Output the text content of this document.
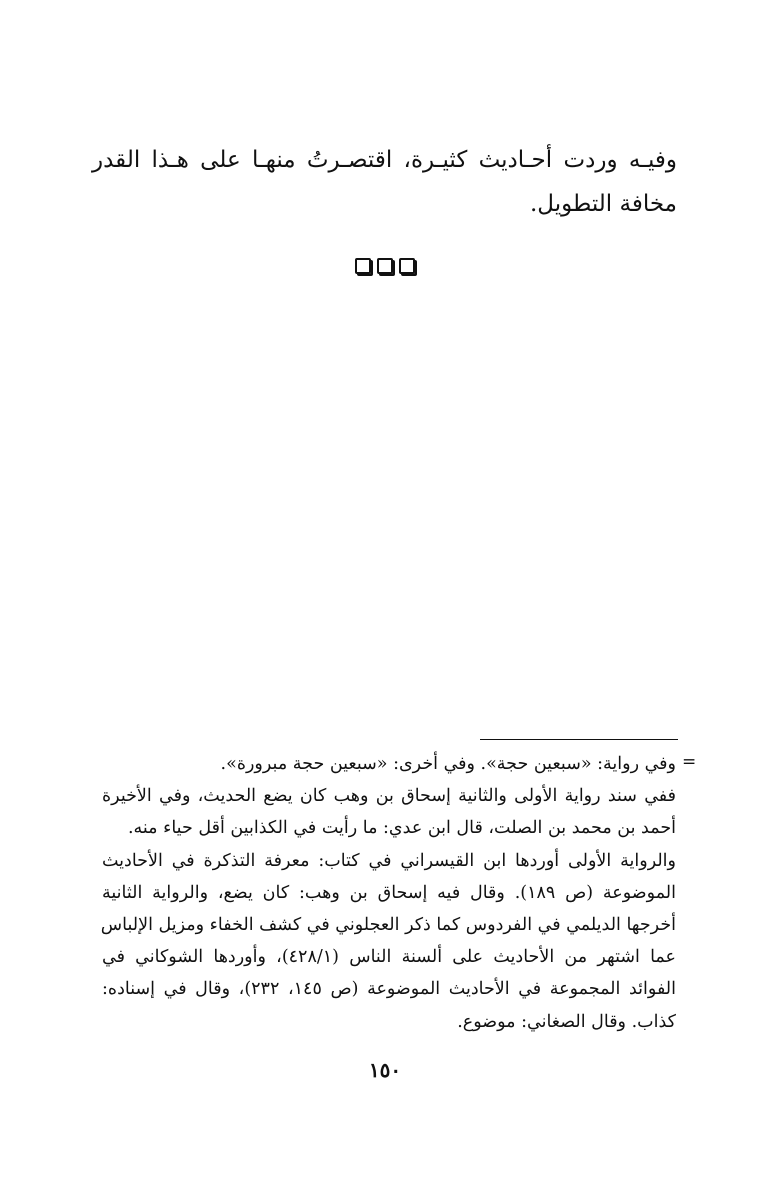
وفيـه وردت أحـاديث كثيـرة، اقتصـرتُ منهـا على هـذا القدر مخافة التطويل.
=
وفي رواية: «سبعين حجة». وفي أخرى: «سبعين حجة مبرورة».
ففي سند رواية الأولى والثانية إسحاق بن وهب كان يضع الحديث، وفي الأخيرة
أحمد بن محمد بن الصلت، قال ابن عدي: ما رأيت في الكذابين أقل حياء منه.
والرواية الأولى أوردها ابن القيسراني في كتاب: معرفة التذكرة في الأحاديث
الموضوعة (ص ١٨٩). وقال فيه إسحاق بن وهب: كان يضع، والرواية الثانية
أخرجها الديلمي في الفردوس كما ذكر العجلوني في كشف الخفاء ومزيل الإلباس
عما اشتهر من الأحاديث على ألسنة الناس (٤٢٨/١)، وأوردها الشوكاني في
الفوائد المجموعة في الأحاديث الموضوعة (ص ١٤٥، ٢٣٢)، وقال في إسناده:
كذاب. وقال الصغاني: موضوع.
١٥٠
